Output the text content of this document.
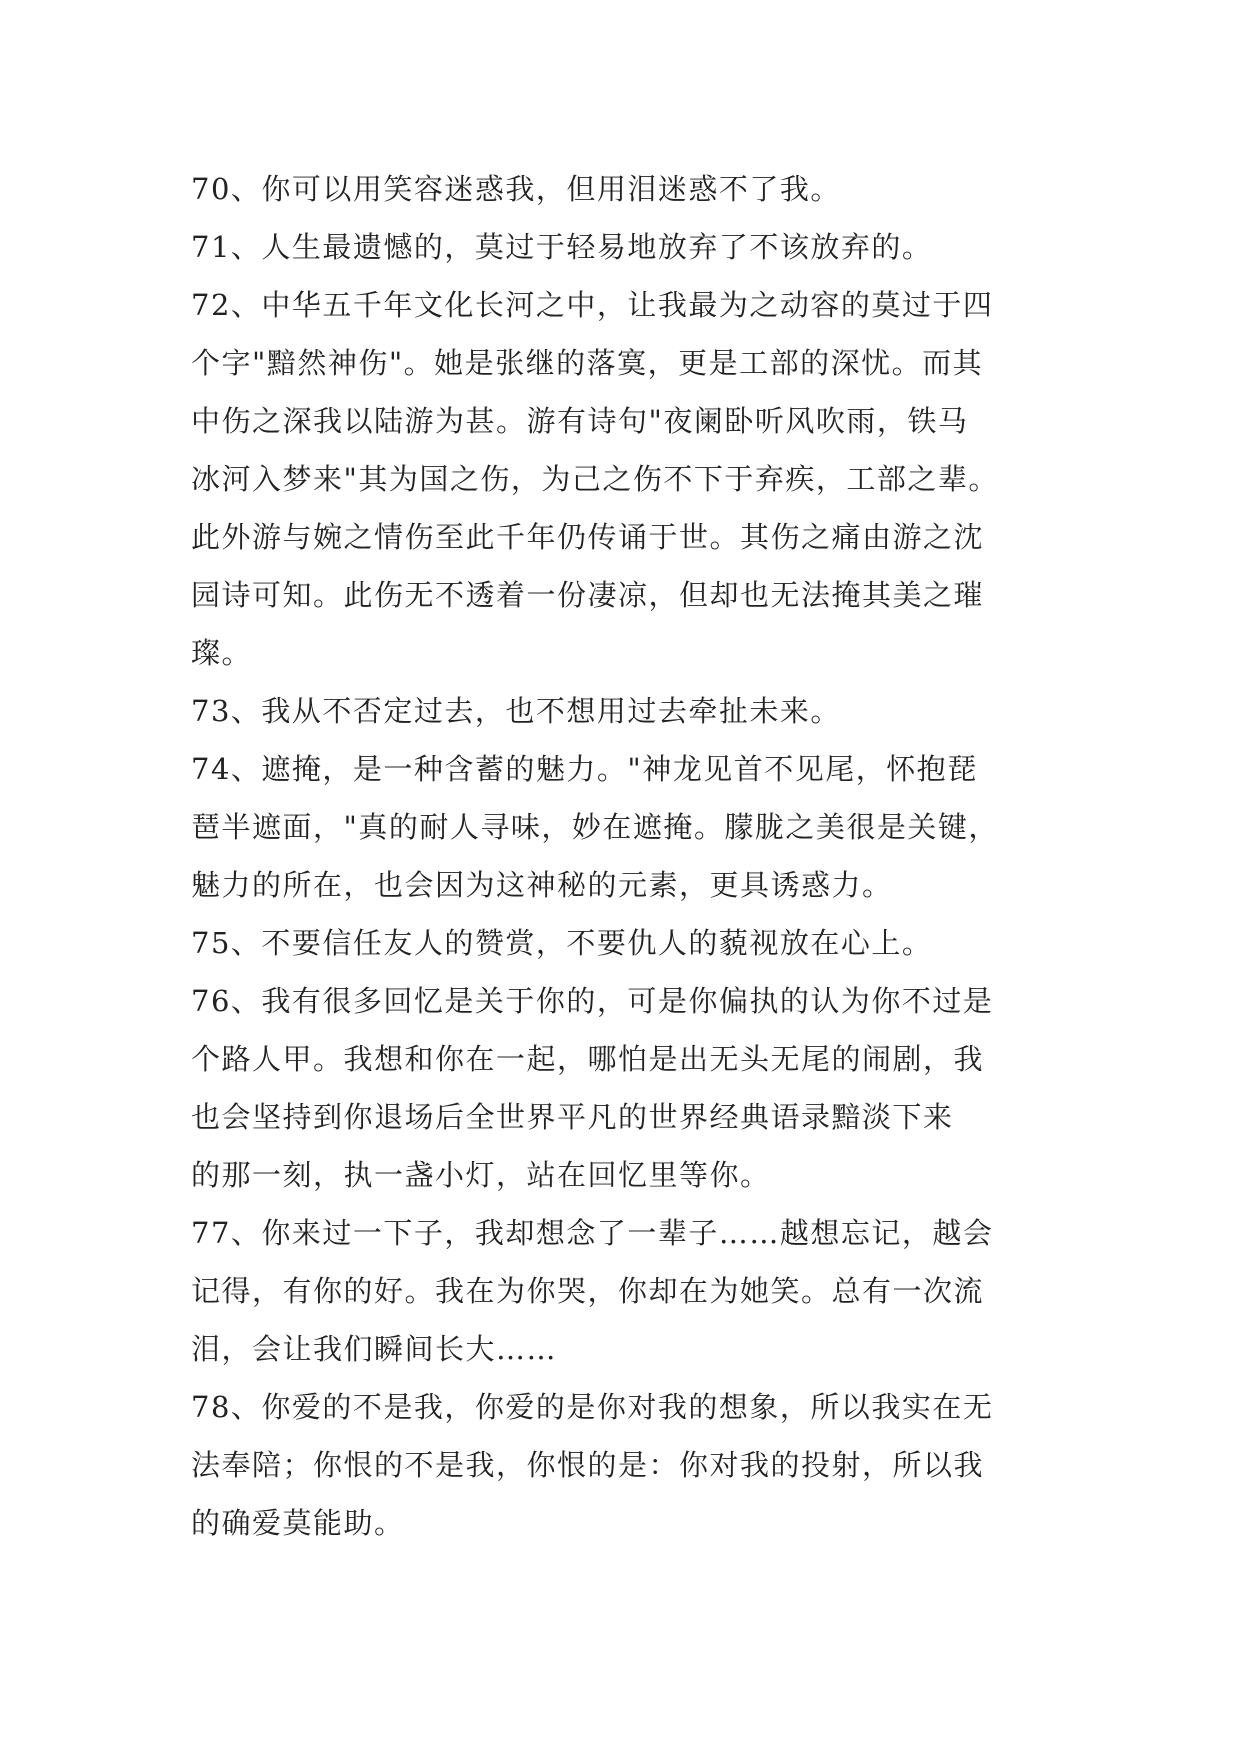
70、你可以用笑容迷惑我，但用泪迷惑不了我。
71、人生最遗憾的，莫过于轻易地放弃了不该放弃的。
72、中华五千年文化长河之中，让我最为之动容的莫过于四
个字"黯然神伤"。她是张继的落寞，更是工部的深忧。而其
中伤之深我以陆游为甚。游有诗句"夜阑卧听风吹雨，铁马
冰河入梦来"其为国之伤，为己之伤不下于弃疾，工部之辈。
此外游与婉之情伤至此千年仍传诵于世。其伤之痛由游之沈
园诗可知。此伤无不透着一份凄凉，但却也无法掩其美之璀
璨。
73、我从不否定过去，也不想用过去牵扯未来。
74、遮掩，是一种含蓄的魅力。"神龙见首不见尾，怀抱琵
琶半遮面，"真的耐人寻味，妙在遮掩。朦胧之美很是关键，
魅力的所在，也会因为这神秘的元素，更具诱惑力。
75、不要信任友人的赞赏，不要仇人的藐视放在心上。
76、我有很多回忆是关于你的，可是你偏执的认为你不过是
个路人甲。我想和你在一起，哪怕是出无头无尾的闹剧，我
也会坚持到你退场后全世界平凡的世界经典语录黯淡下来
的那一刻，执一盏小灯，站在回忆里等你。
77、你来过一下子，我却想念了一辈子……越想忘记，越会
记得，有你的好。我在为你哭，你却在为她笑。总有一次流
泪，会让我们瞬间长大……
78、你爱的不是我，你爱的是你对我的想象，所以我实在无
法奉陪；你恨的不是我，你恨的是：你对我的投射，所以我
的确爱莫能助。
